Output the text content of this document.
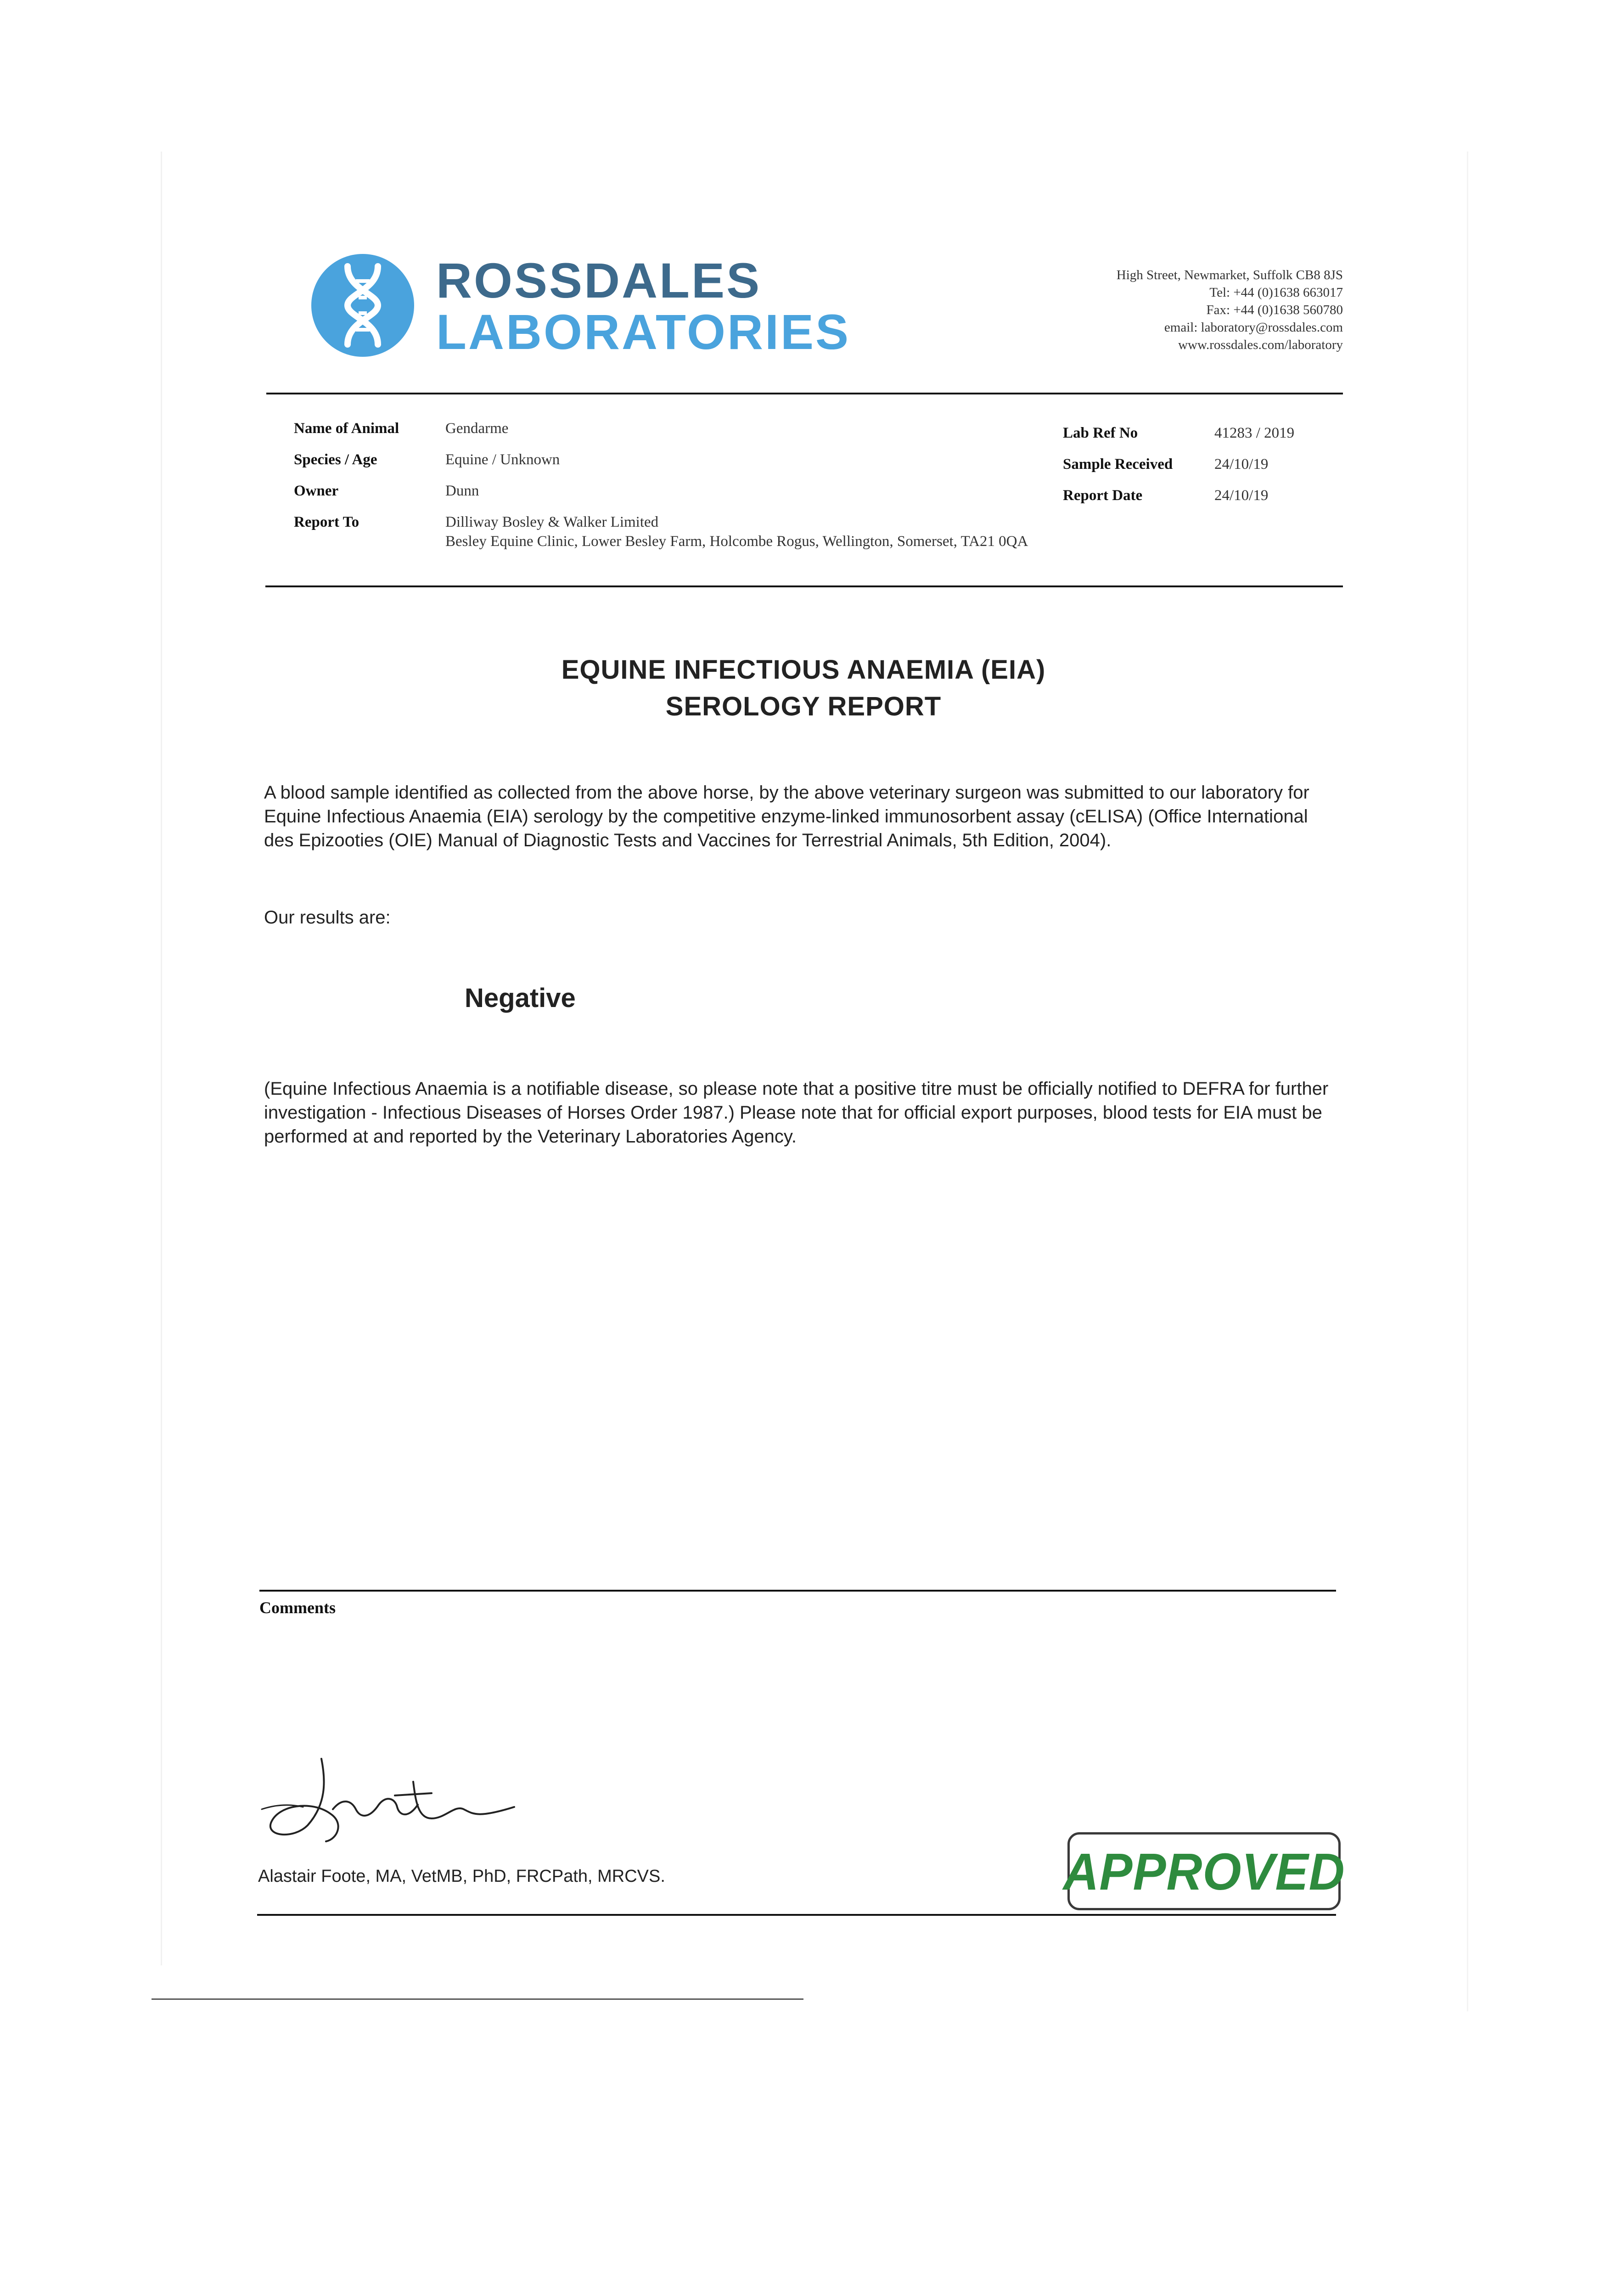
ROSSDALES
LABORATORIES
High Street, Newmarket, Suffolk CB8 8JS
Tel: +44 (0)1638 663017
Fax: +44 (0)1638 560780
email: laboratory@rossdales.com
www.rossdales.com/laboratory
Name of Animal	Gendarme
Species / Age	Equine / Unknown
Owner	Dunn
Report To	Dilliway Bosley & Walker Limited
Besley Equine Clinic, Lower Besley Farm, Holcombe Rogus, Wellington, Somerset, TA21 0QA
Lab Ref No	41283 / 2019
Sample Received	24/10/19
Report Date	24/10/19
EQUINE INFECTIOUS ANAEMIA (EIA)
SEROLOGY REPORT

A blood sample identified as collected from the above horse, by the above veterinary surgeon was submitted to our laboratory for Equine Infectious Anaemia (EIA) serology by the competitive enzyme-linked immunosorbent assay (cELISA) (Office International des Epizooties (OIE) Manual of Diagnostic Tests and Vaccines for Terrestrial Animals, 5th Edition, 2004).

Our results are:

Negative

(Equine Infectious Anaemia is a notifiable disease, so please note that a positive titre must be officially notified to DEFRA for further investigation - Infectious Diseases of Horses Order 1987.) Please note that for official export purposes, blood tests for EIA must be performed at and reported by the Veterinary Laboratories Agency.

Comments
Alastair Foote, MA, VetMB, PhD, FRCPath, MRCVS.	APPROVED
